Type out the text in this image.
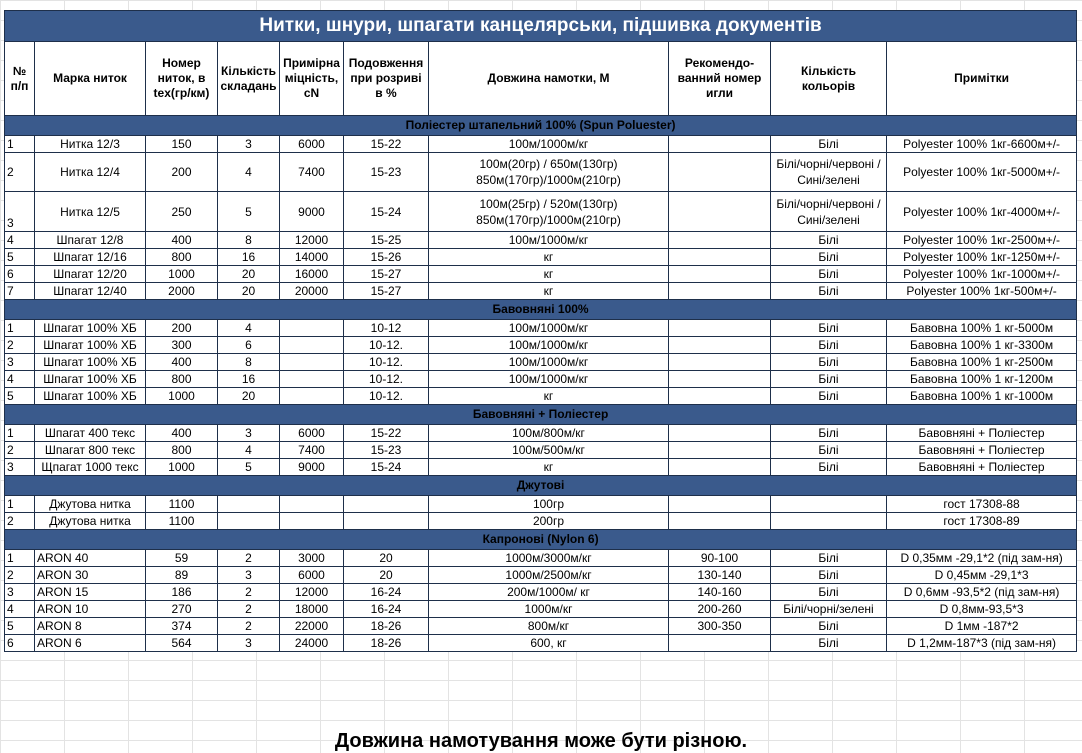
Нитки, шнури, шпагати канцелярськи, підшивка документів									
№ п/п	Марка ниток	Номер ниток, в tex(гр/км)	Кількість складань	Приміpна міцність, cN	Подовження при розриві в %	Довжина намотки, М	Рекомендо-ванний номер игли	Кількість кольорів	Примітки
Поліестер штапельний 100% (Spun Poluester)									
1	Нитка 12/3	150	3	6000	15-22	100м/1000м/кг		Білі	Polyester 100% 1кг-6600м+/-
2	Нитка 12/4	200	4	7400	15-23	100м(20гр) / 650м(130гр) 850м(170гр)/1000м(210гр)		Білі/чорні/червоні /Сині/зелені	Polyester 100% 1кг-5000м+/-
3	Нитка 12/5	250	5	9000	15-24	100м(25гр) / 520м(130гр) 850м(170гр)/1000м(210гр)		Білі/чорні/червоні /Сині/зелені	Polyester 100% 1кг-4000м+/-
4	Шпагат 12/8	400	8	12000	15-25	100м/1000м/кг		Білі	Polyester 100% 1кг-2500м+/-
5	Шпагат 12/16	800	16	14000	15-26	кг		Білі	Polyester 100% 1кг-1250м+/-
6	Шпагат 12/20	1000	20	16000	15-27	кг		Білі	Polyester 100% 1кг-1000м+/-
7	Шпагат 12/40	2000	20	20000	15-27	кг		Білі	Polyester 100% 1кг-500м+/-
Бавовняні 100%									
1	Шпагат 100% ХБ	200	4		10-12	100м/1000м/кг		Білі	Бавовна 100% 1 кг-5000м
2	Шпагат 100% ХБ	300	6		10-12.	100м/1000м/кг		Білі	Бавовна 100% 1 кг-3300м
3	Шпагат 100% ХБ	400	8		10-12.	100м/1000м/кг		Білі	Бавовна 100% 1 кг-2500м
4	Шпагат 100% ХБ	800	16		10-12.	100м/1000м/кг		Білі	Бавовна 100% 1 кг-1200м
5	Шпагат 100% ХБ	1000	20		10-12.	кг		Білі	Бавовна 100% 1 кг-1000м
Бавовняні + Поліестер									
1	Шпагат 400 текс	400	3	6000	15-22	100м/800м/кг		Білі	Бавовняні + Поліестер
2	Шпагат 800 текс	800	4	7400	15-23	100м/500м/кг		Білі	Бавовняні + Поліестер
3	Щпагат 1000 текс	1000	5	9000	15-24	кг		Білі	Бавовняні + Поліестер
Джутові									
1	Джутова нитка	1100				100гр			гост 17308-88
2	Джутова нитка	1100				200гр			гост 17308-89
Капронові (Nylon 6)									
1	ARON 40	59	2	3000	20	1000м/3000м/кг	90-100	Білі	D 0,35мм -29,1*2 (під зам-ня)
2	ARON 30	89	3	6000	20	1000м/2500м/кг	130-140	Білі	D 0,45мм -29,1*3
3	ARON 15	186	2	12000	16-24	200м/1000м/ кг	140-160	Білі	D 0,6мм -93,5*2 (під зам-ня)
4	ARON 10	270	2	18000	16-24	1000м/кг	200-260	Білі/чорні/зелені	D 0,8мм-93,5*3
5	ARON 8	374	2	22000	18-26	800м/кг	300-350	Білі	D 1мм -187*2
6	ARON 6	564	3	24000	18-26	600, кг		Білі	D 1,2мм-187*3 (під зам-ня)
Довжина намотування може бути різною.
